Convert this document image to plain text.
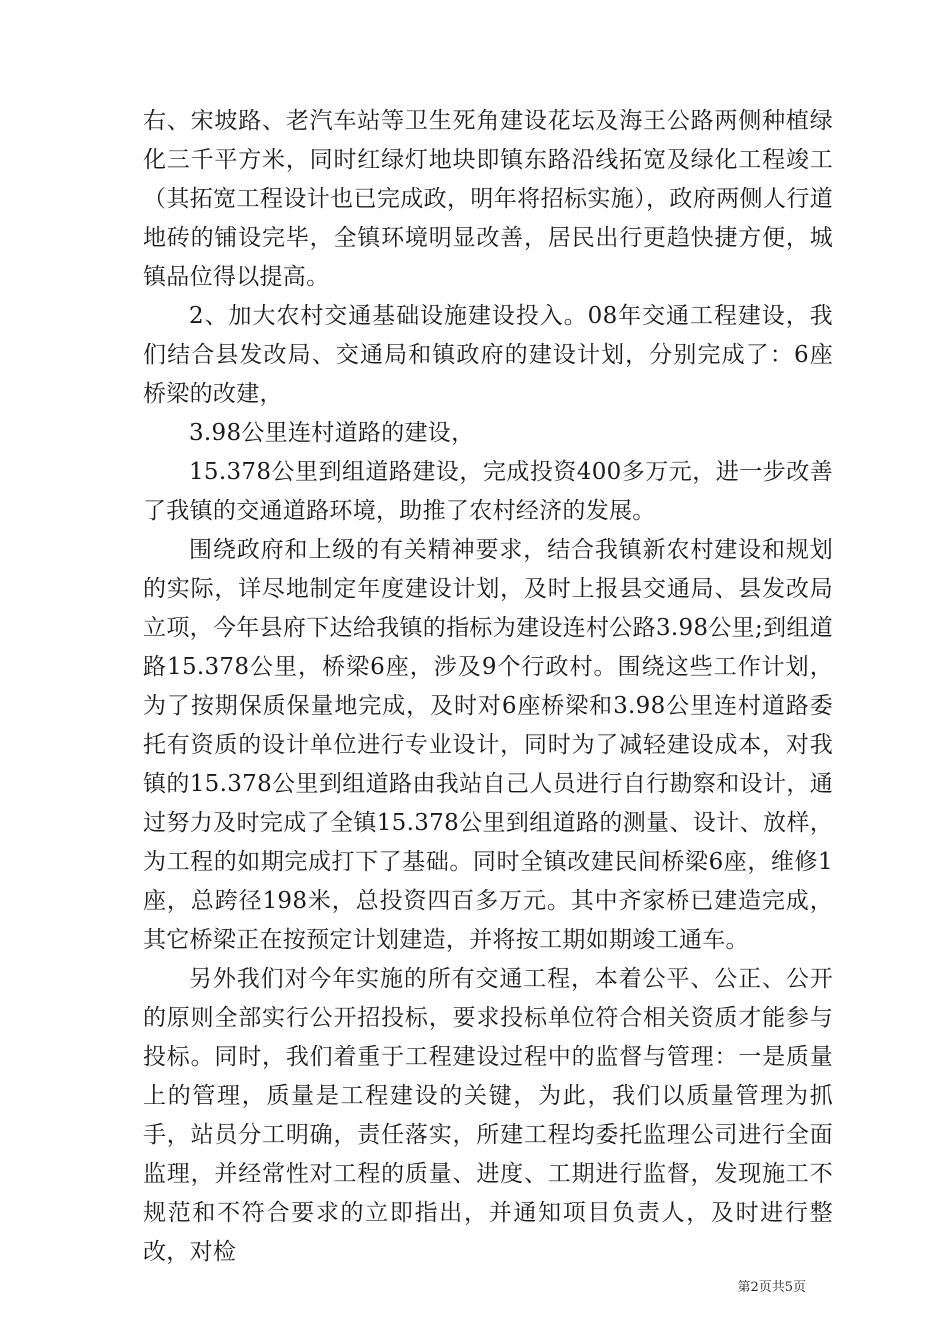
右、宋坡路、老汽车站等卫生死角建设花坛及海王公路两侧种植绿化三千平方米，同时红绿灯地块即镇东路沿线拓宽及绿化工程竣工（其拓宽工程设计也已完成政，明年将招标实施），政府两侧人行道地砖的铺设完毕，全镇环境明显改善，居民出行更趋快捷方便，城镇品位得以提高。

2、加大农村交通基础设施建设投入。08年交通工程建设，我们结合县发改局、交通局和镇政府的建设计划，分别完成了：6座桥梁的改建，

3.98公里连村道路的建设，

15.378公里到组道路建设，完成投资400多万元，进一步改善了我镇的交通道路环境，助推了农村经济的发展。

围绕政府和上级的有关精神要求，结合我镇新农村建设和规划的实际，详尽地制定年度建设计划，及时上报县交通局、县发改局立项，今年县府下达给我镇的指标为建设连村公路3.98公里;到组道路15.378公里，桥梁6座，涉及9个行政村。围绕这些工作计划，为了按期保质保量地完成，及时对6座桥梁和3.98公里连村道路委托有资质的设计单位进行专业设计，同时为了减轻建设成本，对我镇的15.378公里到组道路由我站自己人员进行自行勘察和设计，通过努力及时完成了全镇15.378公里到组道路的测量、设计、放样，为工程的如期完成打下了基础。同时全镇改建民间桥梁6座，维修1座，总跨径198米，总投资四百多万元。其中齐家桥已建造完成，其它桥梁正在按预定计划建造，并将按工期如期竣工通车。

另外我们对今年实施的所有交通工程，本着公平、公正、公开的原则全部实行公开招投标，要求投标单位符合相关资质才能参与投标。同时，我们着重于工程建设过程中的监督与管理：一是质量上的管理，质量是工程建设的关键，为此，我们以质量管理为抓手，站员分工明确，责任落实，所建工程均委托监理公司进行全面监理，并经常性对工程的质量、进度、工期进行监督，发现施工不规范和不符合要求的立即指出，并通知项目负责人，及时进行整改，对检

第2页共5页
